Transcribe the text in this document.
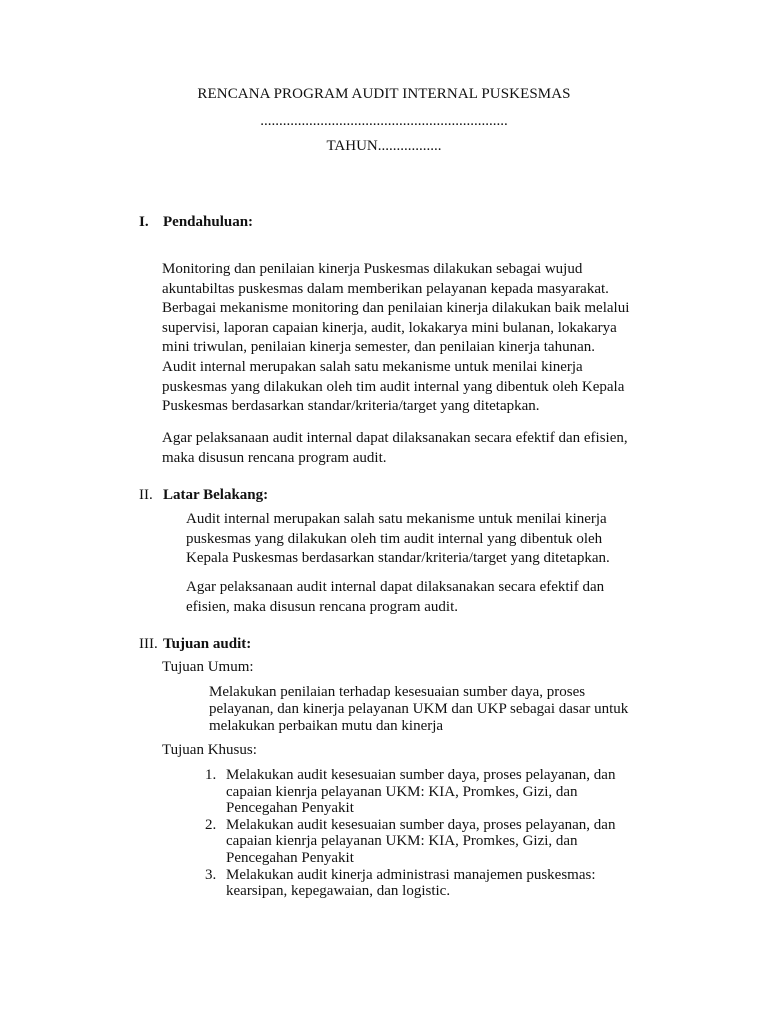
RENCANA PROGRAM AUDIT INTERNAL PUSKESMAS
..................................................................
TAHUN.................
I. Pendahuluan:
Monitoring dan penilaian kinerja Puskesmas dilakukan sebagai wujud
akuntabiltas puskesmas dalam memberikan pelayanan kepada masyarakat.
Berbagai mekanisme monitoring dan penilaian kinerja dilakukan baik melalui
supervisi, laporan capaian kinerja, audit, lokakarya mini bulanan, lokakarya
mini triwulan, penilaian kinerja semester, dan penilaian kinerja tahunan.
Audit internal merupakan salah satu mekanisme untuk menilai kinerja
puskesmas yang dilakukan oleh tim audit internal yang dibentuk oleh Kepala
Puskesmas berdasarkan standar/kriteria/target yang ditetapkan.
Agar pelaksanaan audit internal dapat dilaksanakan secara efektif dan efisien,
maka disusun rencana program audit.
II. Latar Belakang:
Audit internal merupakan salah satu mekanisme untuk menilai kinerja
puskesmas yang dilakukan oleh tim audit internal yang dibentuk oleh
Kepala Puskesmas berdasarkan standar/kriteria/target yang ditetapkan.
Agar pelaksanaan audit internal dapat dilaksanakan secara efektif dan
efisien, maka disusun rencana program audit.
III. Tujuan audit:
Tujuan Umum:
Melakukan penilaian terhadap kesesuaian sumber daya, proses
pelayanan, dan kinerja pelayanan UKM dan UKP sebagai dasar untuk
melakukan perbaikan mutu dan kinerja
Tujuan Khusus:
1. Melakukan audit kesesuaian sumber daya, proses pelayanan, dan
capaian kienrja pelayanan UKM: KIA, Promkes, Gizi, dan
Pencegahan Penyakit
2. Melakukan audit kesesuaian sumber daya, proses pelayanan, dan
capaian kienrja pelayanan UKM: KIA, Promkes, Gizi, dan
Pencegahan Penyakit
3. Melakukan audit kinerja administrasi manajemen puskesmas:
kearsipan, kepegawaian, dan logistic.
